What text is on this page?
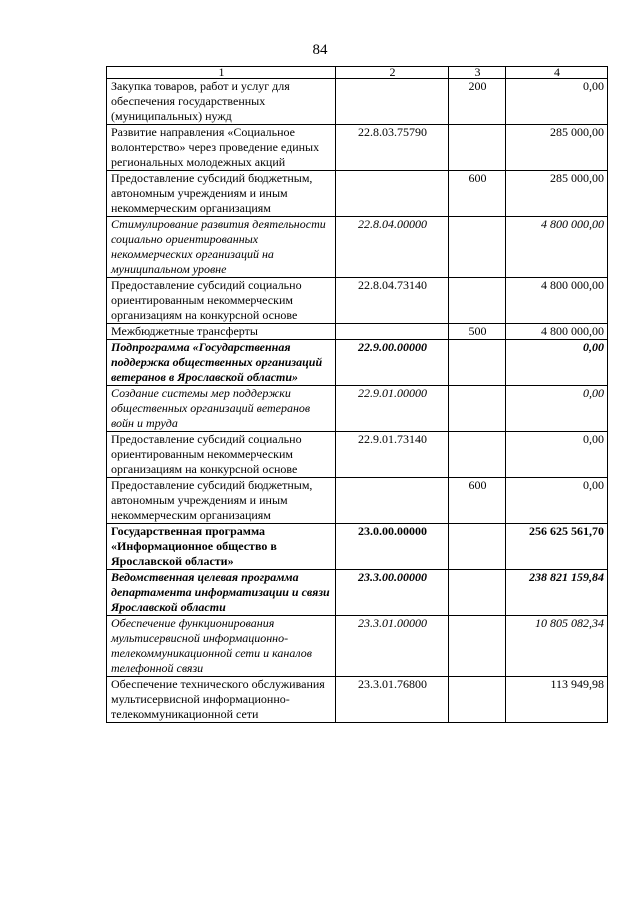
84
1	2	3	4
Закупка товаров, работ и услуг для обеспечения государственных (муниципальных) нужд		200	0,00
Развитие направления «Социальное волонтерство» через проведение единых региональных молодежных акций	22.8.03.75790		285 000,00
Предоставление субсидий бюджетным, автономным учреждениям и иным некоммерческим организациям		600	285 000,00
Стимулирование развития деятельности социально ориентированных некоммерческих организаций на муниципальном уровне	22.8.04.00000		4 800 000,00
Предоставление субсидий социально ориентированным некоммерческим организациям на конкурсной основе	22.8.04.73140		4 800 000,00
Межбюджетные трансферты		500	4 800 000,00
Подпрограмма «Государственная поддержка общественных организаций ветеранов в Ярославской области»	22.9.00.00000		0,00
Создание системы мер поддержки общественных организаций ветеранов войн и труда	22.9.01.00000		0,00
Предоставление субсидий социально ориентированным некоммерческим организациям на конкурсной основе	22.9.01.73140		0,00
Предоставление субсидий бюджетным, автономным учреждениям и иным некоммерческим организациям		600	0,00
Государственная программа «Информационное общество в Ярославской области»	23.0.00.00000		256 625 561,70
Ведомственная целевая программа департамента информатизации и связи Ярославской области	23.3.00.00000		238 821 159,84
Обеспечение функционирования мультисервисной информационно-телекоммуникационной сети и каналов телефонной связи	23.3.01.00000		10 805 082,34
Обеспечение технического обслуживания мультисервисной информационно-телекоммуникационной сети	23.3.01.76800		113 949,98
